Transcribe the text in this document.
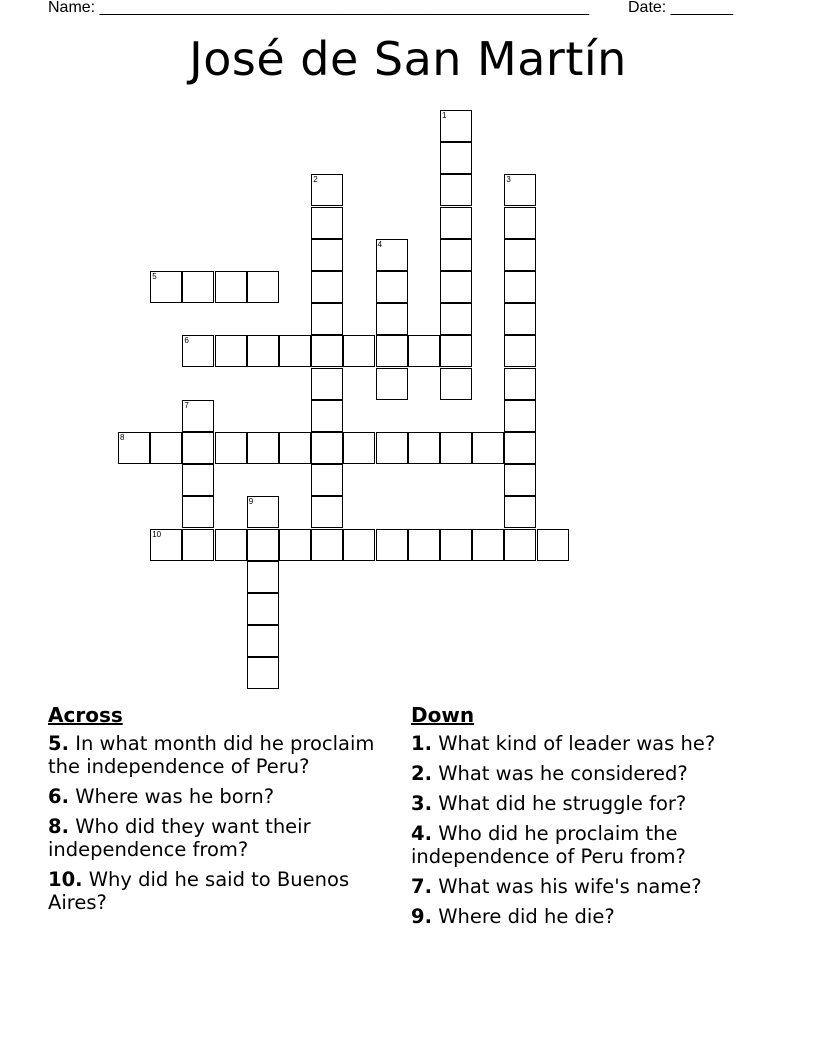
Name: _______________________________________________________ Date: _______
José de San Martín
1
2	3
4
5
6
7
8
9
10
Across
5. In what month did he proclaim the independence of Peru?
6. Where was he born?
8. Who did they want their independence from?
10. Why did he said to Buenos Aires?
Down
1. What kind of leader was he?
2. What was he considered?
3. What did he struggle for?
4. Who did he proclaim the independence of Peru from?
7. What was his wife's name?
9. Where did he die?
